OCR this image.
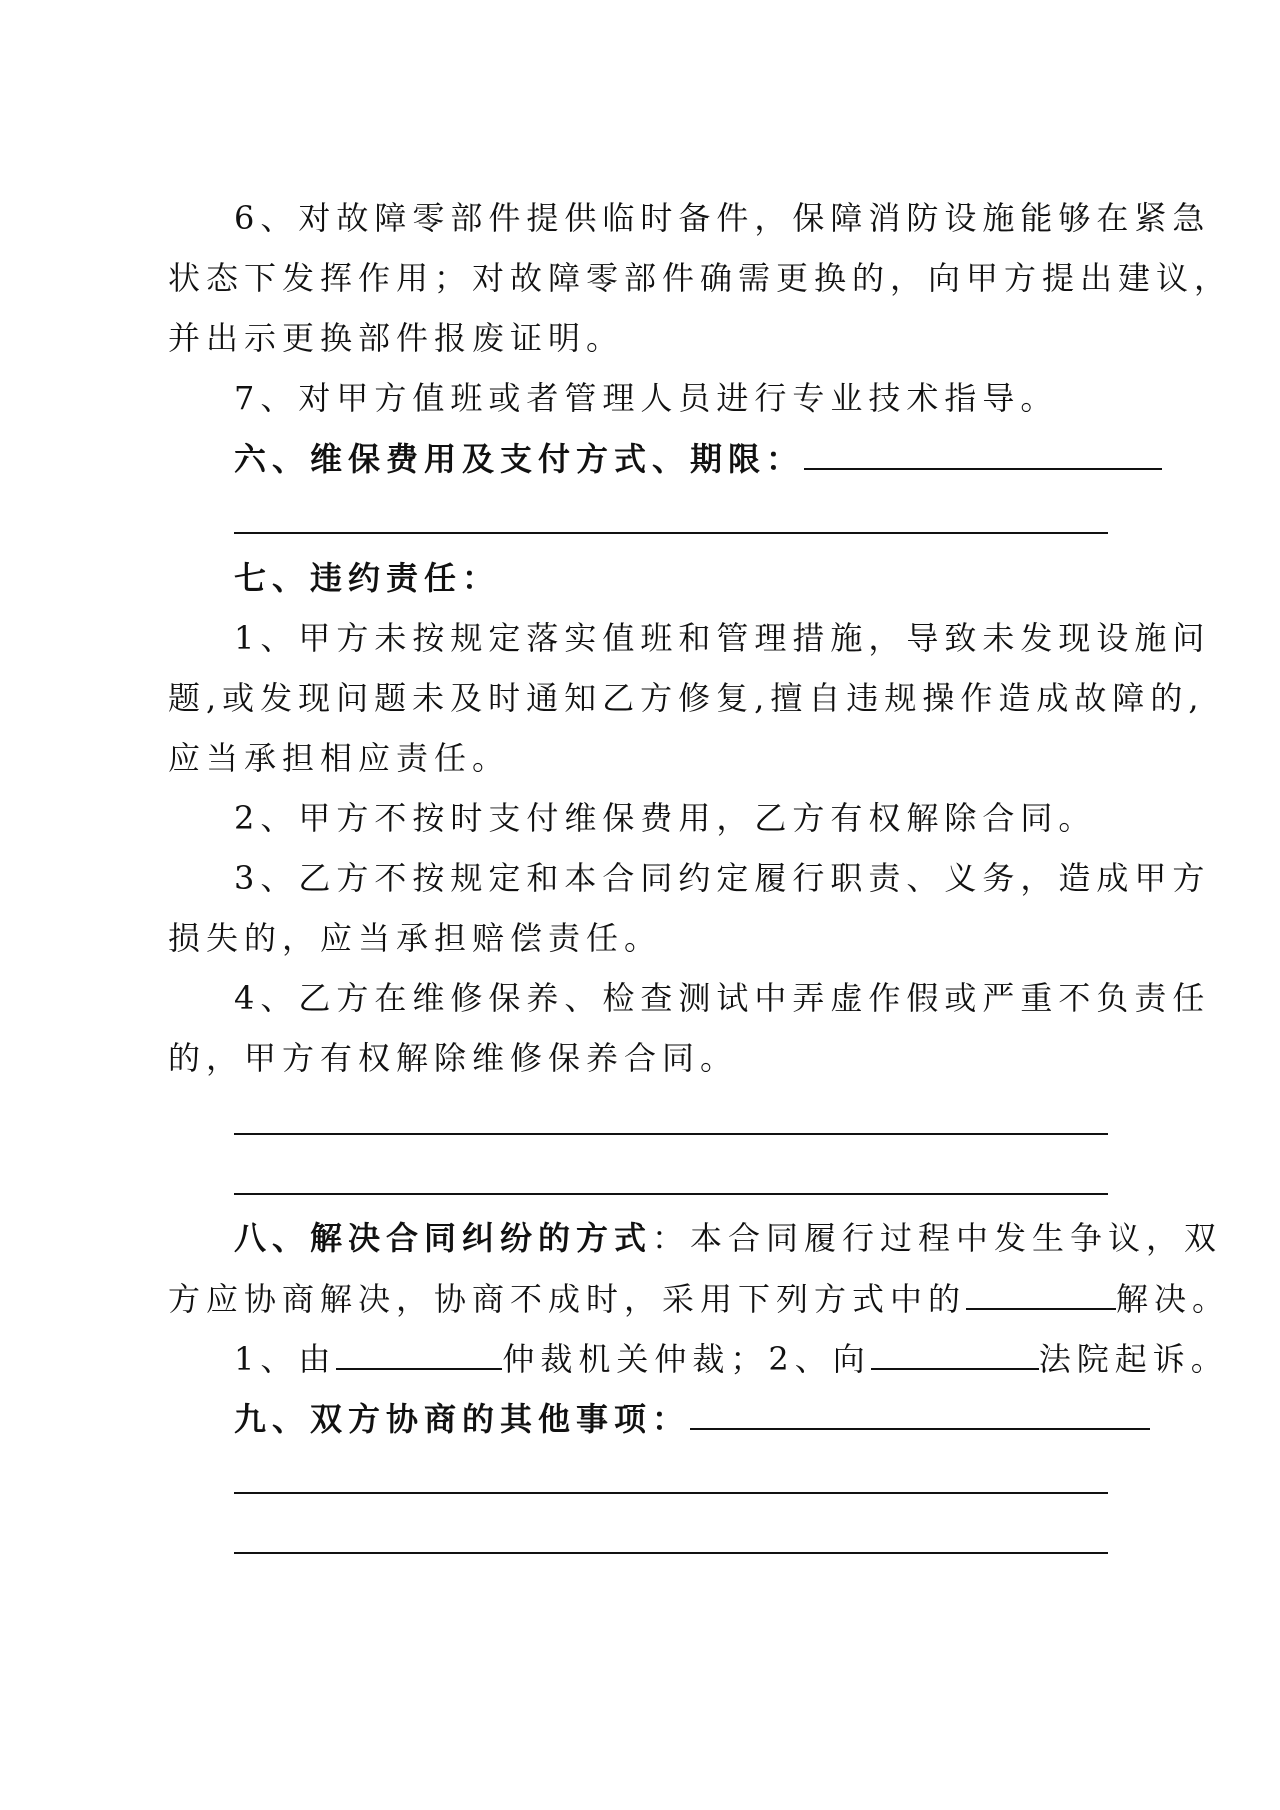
6、对故障零部件提供临时备件，保障消防设施能够在紧急
状态下发挥作用；对故障零部件确需更换的，向甲方提出建议，
并出示更换部件报废证明。
7、对甲方值班或者管理人员进行专业技术指导。
六、维保费用及支付方式、期限：
七、违约责任：
1、甲方未按规定落实值班和管理措施，导致未发现设施问
题,或发现问题未及时通知乙方修复,擅自违规操作造成故障的,
应当承担相应责任。
2、甲方不按时支付维保费用，乙方有权解除合同。
3、乙方不按规定和本合同约定履行职责、义务，造成甲方
损失的，应当承担赔偿责任。
4、乙方在维修保养、检查测试中弄虚作假或严重不负责任
的，甲方有权解除维修保养合同。
八、解决合同纠纷的方式：本合同履行过程中发生争议，双
方应协商解决，协商不成时，采用下列方式中的	解决。
1、由	仲裁机关仲裁；2、向	法院起诉。
九、双方协商的其他事项：
